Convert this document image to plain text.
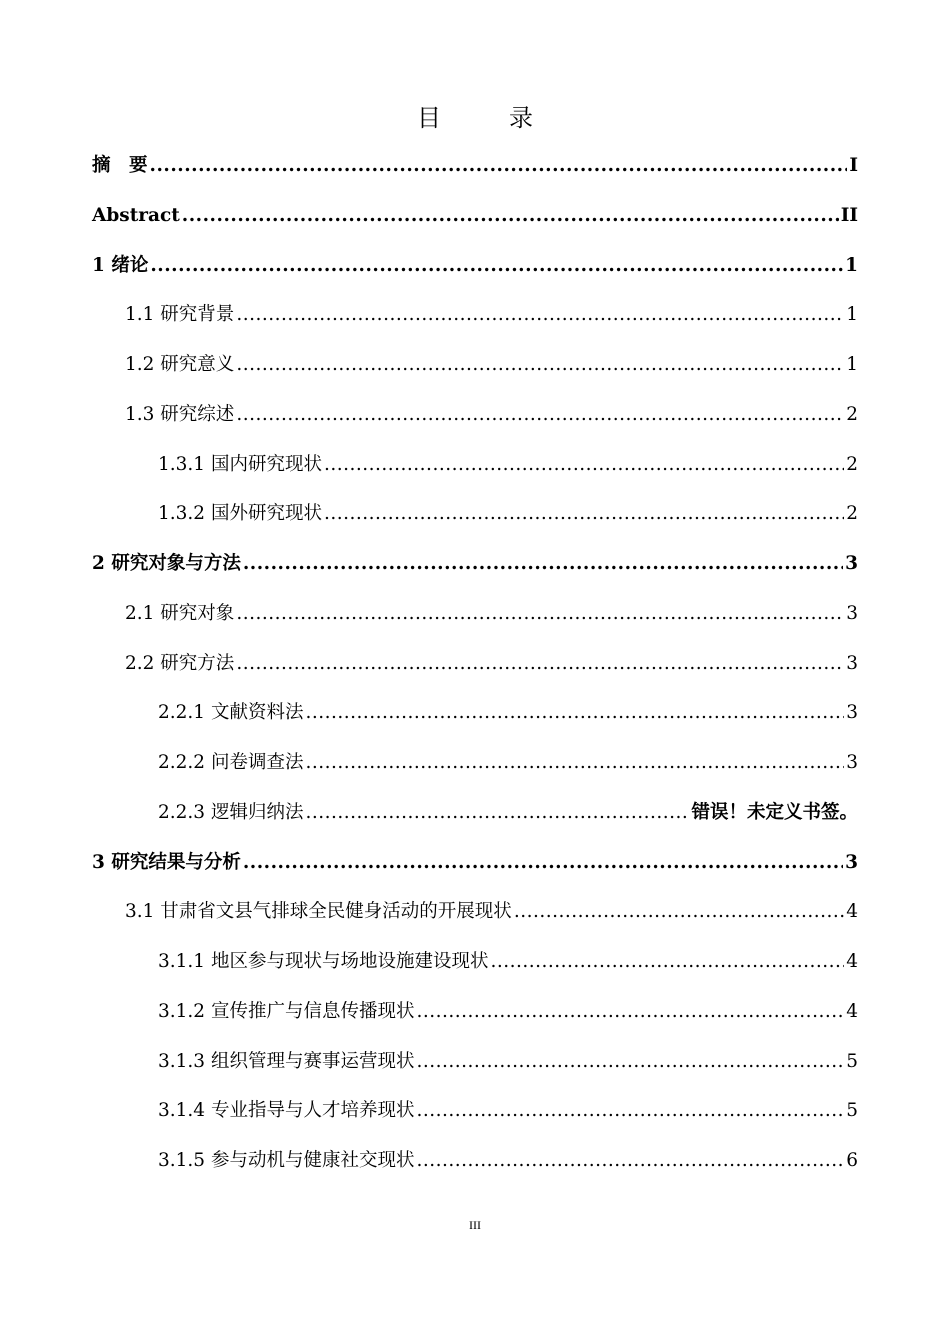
目　录
摘　要 .....	I
Abstract .....	II
1 绪论 .....	1
1.1 研究背景 .....	1
1.2 研究意义 .....	1
1.3 研究综述 .....	2
1.3.1 国内研究现状 .....	2
1.3.2 国外研究现状 .....	2
2 研究对象与方法 .....	3
2.1 研究对象 .....	3
2.2 研究方法 .....	3
2.2.1 文献资料法 .....	3
2.2.2 问卷调查法 .....	3
2.2.3 逻辑归纳法 .....	错误！未定义书签。
3 研究结果与分析 .....	3
3.1 甘肃省文县气排球全民健身活动的开展现状 .....	4
3.1.1 地区参与现状与场地设施建设现状 .....	4
3.1.2 宣传推广与信息传播现状 .....	4
3.1.3 组织管理与赛事运营现状 .....	5
3.1.4 专业指导与人才培养现状 .....	5
3.1.5 参与动机与健康社交现状 .....	6
III
